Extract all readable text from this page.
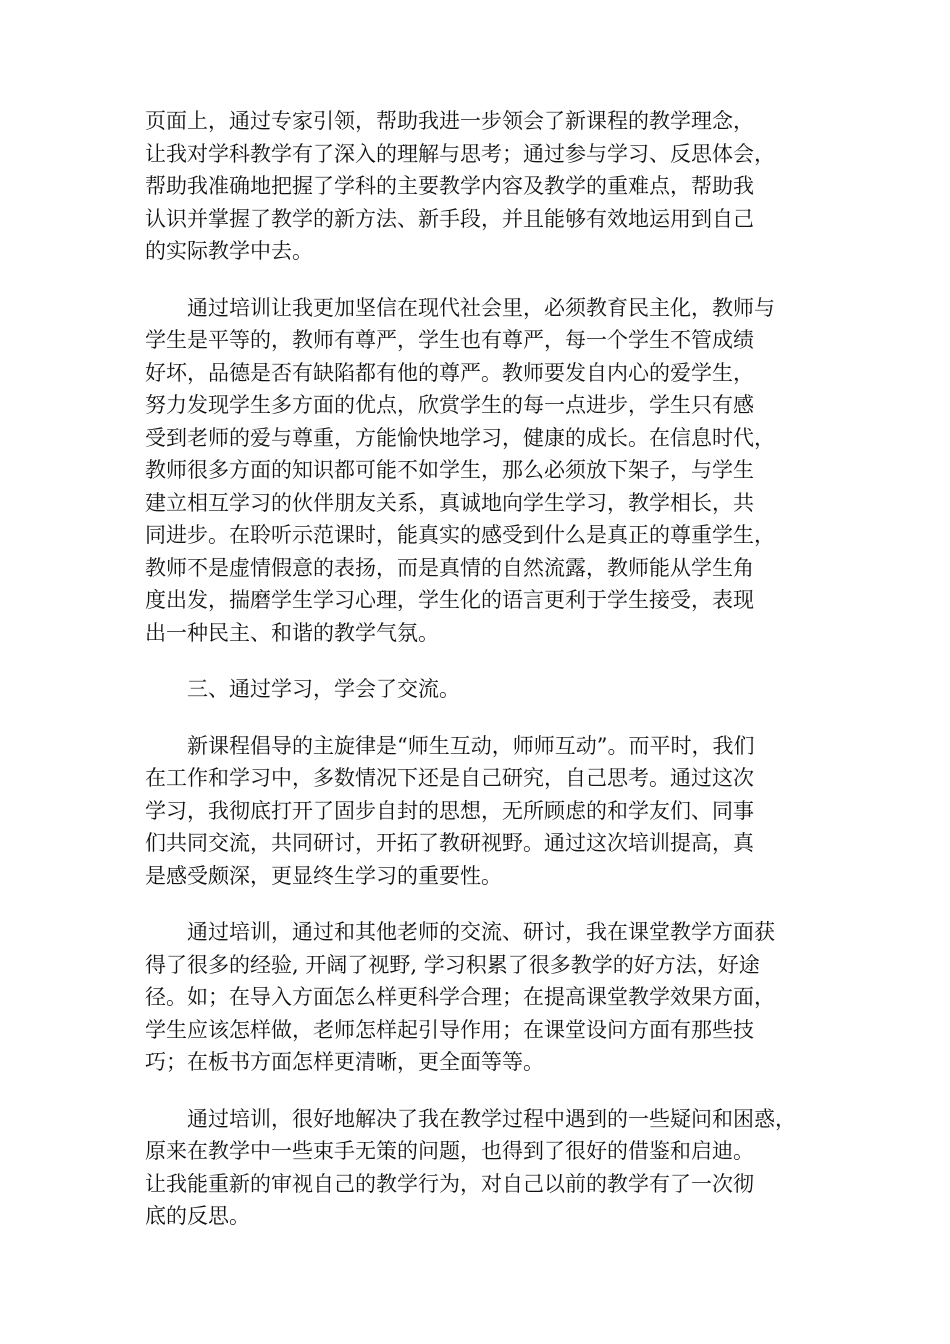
页面上，通过专家引领，帮助我进一步领会了新课程的教学理念，
让我对学科教学有了深入的理解与思考；通过参与学习、反思体会，
帮助我准确地把握了学科的主要教学内容及教学的重难点，帮助我
认识并掌握了教学的新方法、新手段，并且能够有效地运用到自己
的实际教学中去。

　　通过培训让我更加坚信在现代社会里，必须教育民主化，教师与
学生是平等的，教师有尊严，学生也有尊严，每一个学生不管成绩
好坏，品德是否有缺陷都有他的尊严。教师要发自内心的爱学生，
努力发现学生多方面的优点，欣赏学生的每一点进步，学生只有感
受到老师的爱与尊重，方能愉快地学习，健康的成长。在信息时代，
教师很多方面的知识都可能不如学生，那么必须放下架子，与学生
建立相互学习的伙伴朋友关系，真诚地向学生学习，教学相长，共
同进步。在聆听示范课时，能真实的感受到什么是真正的尊重学生，
教师不是虚情假意的表扬，而是真情的自然流露，教师能从学生角
度出发，揣磨学生学习心理，学生化的语言更利于学生接受，表现
出一种民主、和谐的教学气氛。

　　三、通过学习，学会了交流。

　　新课程倡导的主旋律是“师生互动，师师互动”。而平时，我们
在工作和学习中，多数情况下还是自己研究，自己思考。通过这次
学习，我彻底打开了固步自封的思想，无所顾虑的和学友们、同事
们共同交流，共同研讨，开拓了教研视野。通过这次培训提高，真
是感受颇深，更显终生学习的重要性。

　　通过培训，通过和其他老师的交流、研讨，我在课堂教学方面获
得了很多的经验, 开阔了视野, 学习积累了很多教学的好方法，好途
径。如；在导入方面怎么样更科学合理；在提高课堂教学效果方面，
学生应该怎样做，老师怎样起引导作用；在课堂设问方面有那些技
巧；在板书方面怎样更清晰，更全面等等。

　　通过培训，很好地解决了我在教学过程中遇到的一些疑问和困惑，
原来在教学中一些束手无策的问题，也得到了很好的借鉴和启迪。
让我能重新的审视自己的教学行为，对自己以前的教学有了一次彻
底的反思。
